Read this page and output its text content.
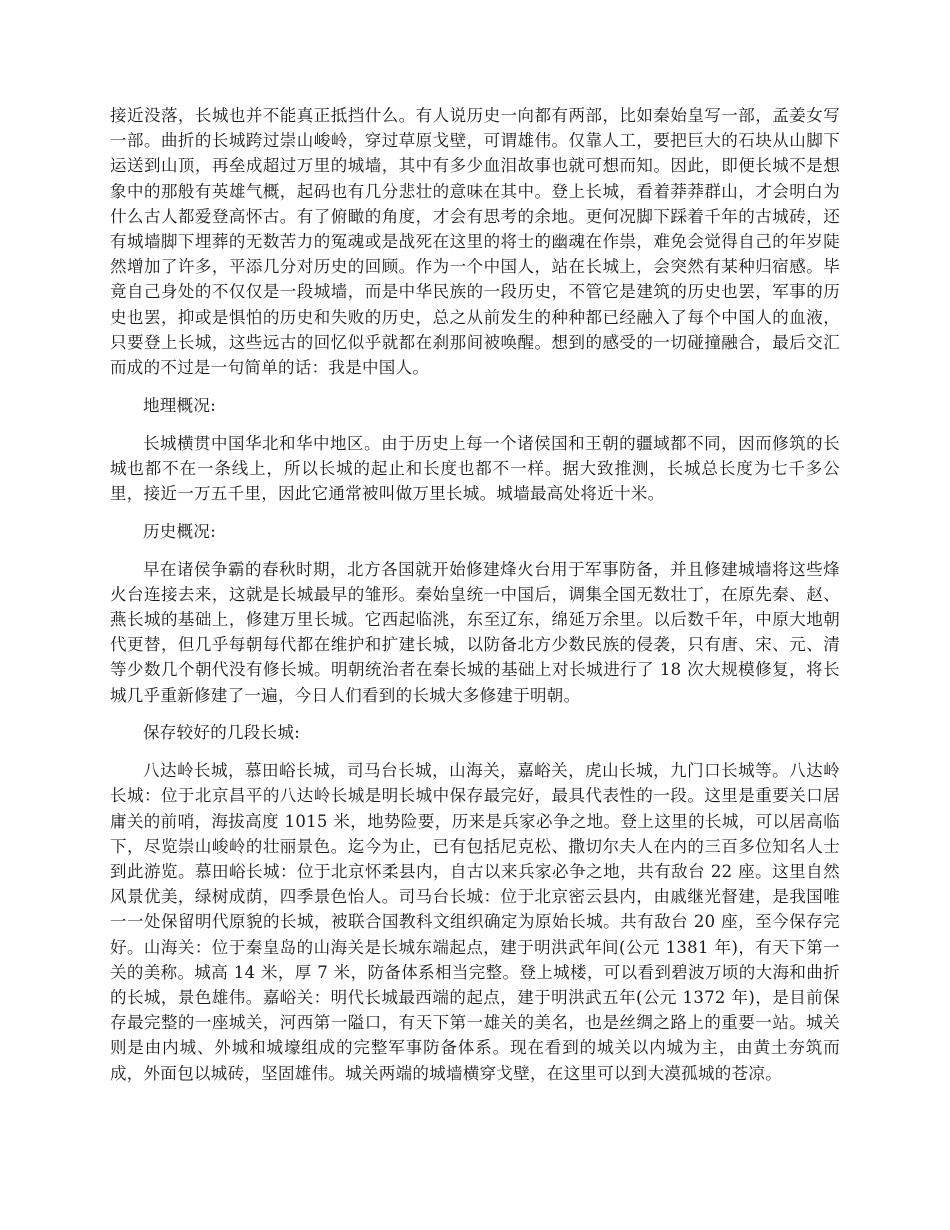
接近没落，长城也并不能真正抵挡什么。有人说历史一向都有两部，比如秦始皇写一部，孟姜女写一部。曲折的长城跨过崇山峻岭，穿过草原戈壁，可谓雄伟。仅靠人工，要把巨大的石块从山脚下运送到山顶，再垒成超过万里的城墙，其中有多少血泪故事也就可想而知。因此，即便长城不是想象中的那般有英雄气概，起码也有几分悲壮的意味在其中。登上长城，看着莽莽群山，才会明白为什么古人都爱登高怀古。有了俯瞰的角度，才会有思考的余地。更何况脚下踩着千年的古城砖，还有城墙脚下埋葬的无数苦力的冤魂或是战死在这里的将士的幽魂在作祟，难免会觉得自己的年岁陡然增加了许多，平添几分对历史的回顾。作为一个中国人，站在长城上，会突然有某种归宿感。毕竟自己身处的不仅仅是一段城墙，而是中华民族的一段历史，不管它是建筑的历史也罢，军事的历史也罢，抑或是惧怕的历史和失败的历史，总之从前发生的种种都已经融入了每个中国人的血液，只要登上长城，这些远古的回忆似乎就都在刹那间被唤醒。想到的感受的一切碰撞融合，最后交汇而成的不过是一句简单的话：我是中国人。

地理概况:

长城横贯中国华北和华中地区。由于历史上每一个诸侯国和王朝的疆域都不同，因而修筑的长城也都不在一条线上，所以长城的起止和长度也都不一样。据大致推测，长城总长度为七千多公里，接近一万五千里，因此它通常被叫做万里长城。城墙最高处将近十米。

历史概况:

早在诸侯争霸的春秋时期，北方各国就开始修建烽火台用于军事防备，并且修建城墙将这些烽火台连接去来，这就是长城最早的雏形。秦始皇统一中国后，调集全国无数壮丁，在原先秦、赵、燕长城的基础上，修建万里长城。它西起临洮，东至辽东，绵延万余里。以后数千年，中原大地朝代更替，但几乎每朝每代都在维护和扩建长城，以防备北方少数民族的侵袭，只有唐、宋、元、清等少数几个朝代没有修长城。明朝统治者在秦长城的基础上对长城进行了 18 次大规模修复，将长城几乎重新修建了一遍，今日人们看到的长城大多修建于明朝。

保存较好的几段长城:

八达岭长城，慕田峪长城，司马台长城，山海关，嘉峪关，虎山长城，九门口长城等。八达岭长城：位于北京昌平的八达岭长城是明长城中保存最完好，最具代表性的一段。这里是重要关口居庸关的前哨，海拔高度 1015 米，地势险要，历来是兵家必争之地。登上这里的长城，可以居高临下，尽览崇山峻岭的壮丽景色。迄今为止，已有包括尼克松、撒切尔夫人在内的三百多位知名人士到此游览。慕田峪长城：位于北京怀柔县内，自古以来兵家必争之地，共有敌台 22 座。这里自然风景优美，绿树成荫，四季景色怡人。司马台长城：位于北京密云县内，由戚继光督建，是我国唯一一处保留明代原貌的长城，被联合国教科文组织确定为原始长城。共有敌台 20 座，至今保存完好。山海关：位于秦皇岛的山海关是长城东端起点，建于明洪武年间(公元 1381 年)，有天下第一关的美称。城高 14 米，厚 7 米，防备体系相当完整。登上城楼，可以看到碧波万顷的大海和曲折的长城，景色雄伟。嘉峪关：明代长城最西端的起点，建于明洪武五年(公元 1372 年)，是目前保存最完整的一座城关，河西第一隘口，有天下第一雄关的美名，也是丝绸之路上的重要一站。城关则是由内城、外城和城壕组成的完整军事防备体系。现在看到的城关以内城为主，由黄土夯筑而成，外面包以城砖，坚固雄伟。城关两端的城墙横穿戈壁，在这里可以到大漠孤城的苍凉。
